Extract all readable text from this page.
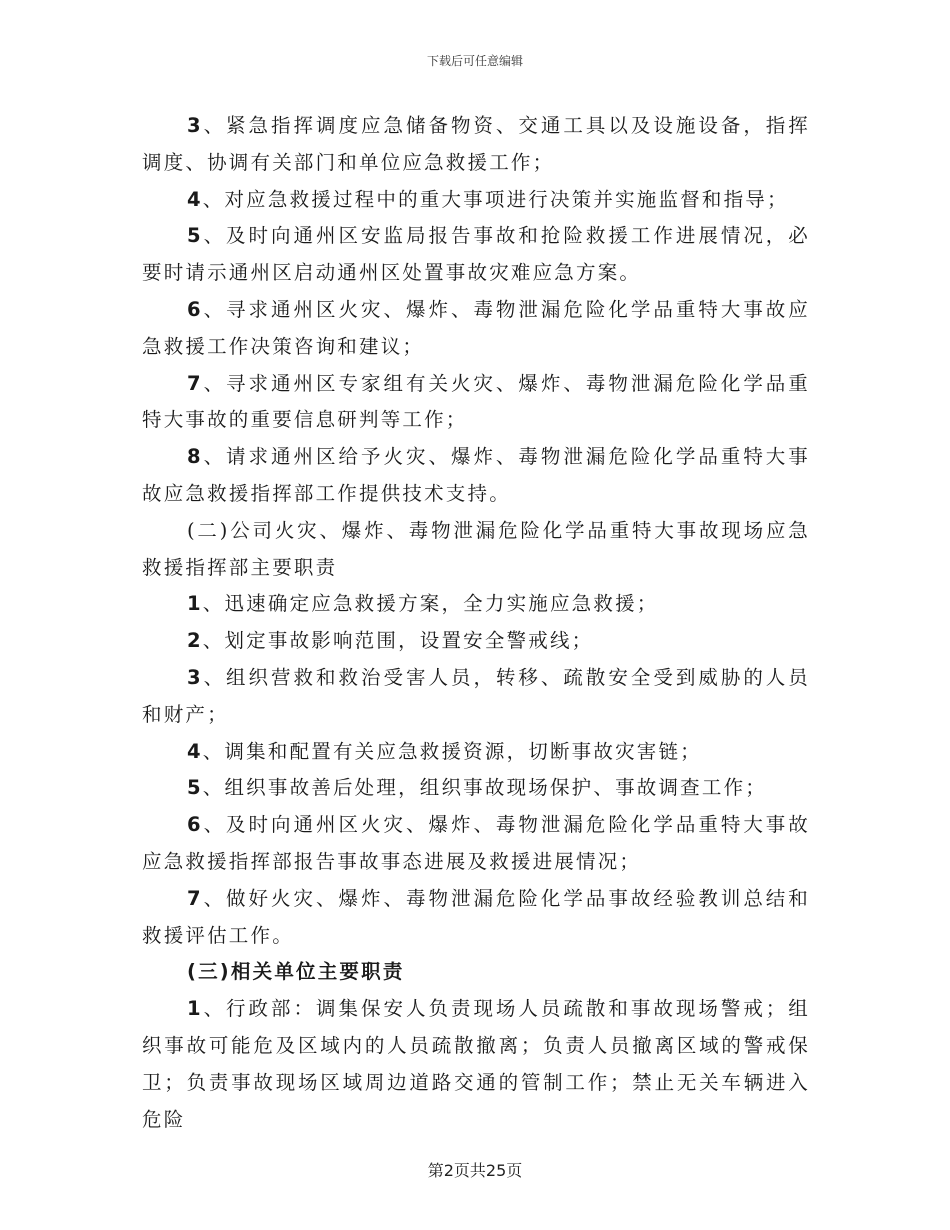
下载后可任意编辑

3、紧急指挥调度应急储备物资、交通工具以及设施设备，指挥调度、协调有关部门和单位应急救援工作；

4、对应急救援过程中的重大事项进行决策并实施监督和指导；

5、及时向通州区安监局报告事故和抢险救援工作进展情况，必要时请示通州区启动通州区处置事故灾难应急方案。

6、寻求通州区火灾、爆炸、毒物泄漏危险化学品重特大事故应急救援工作决策咨询和建议；

7、寻求通州区专家组有关火灾、爆炸、毒物泄漏危险化学品重特大事故的重要信息研判等工作；

8、请求通州区给予火灾、爆炸、毒物泄漏危险化学品重特大事故应急救援指挥部工作提供技术支持。

(二)公司火灾、爆炸、毒物泄漏危险化学品重特大事故现场应急救援指挥部主要职责

1、迅速确定应急救援方案，全力实施应急救援；

2、划定事故影响范围，设置安全警戒线；

3、组织营救和救治受害人员，转移、疏散安全受到威胁的人员和财产；

4、调集和配置有关应急救援资源，切断事故灾害链；

5、组织事故善后处理，组织事故现场保护、事故调查工作；

6、及时向通州区火灾、爆炸、毒物泄漏危险化学品重特大事故应急救援指挥部报告事故事态进展及救援进展情况；

7、做好火灾、爆炸、毒物泄漏危险化学品事故经验教训总结和救援评估工作。

(三)相关单位主要职责

1、行政部：调集保安人负责现场人员疏散和事故现场警戒；组织事故可能危及区域内的人员疏散撤离；负责人员撤离区域的警戒保卫；负责事故现场区域周边道路交通的管制工作；禁止无关车辆进入危险

第2页共25页
